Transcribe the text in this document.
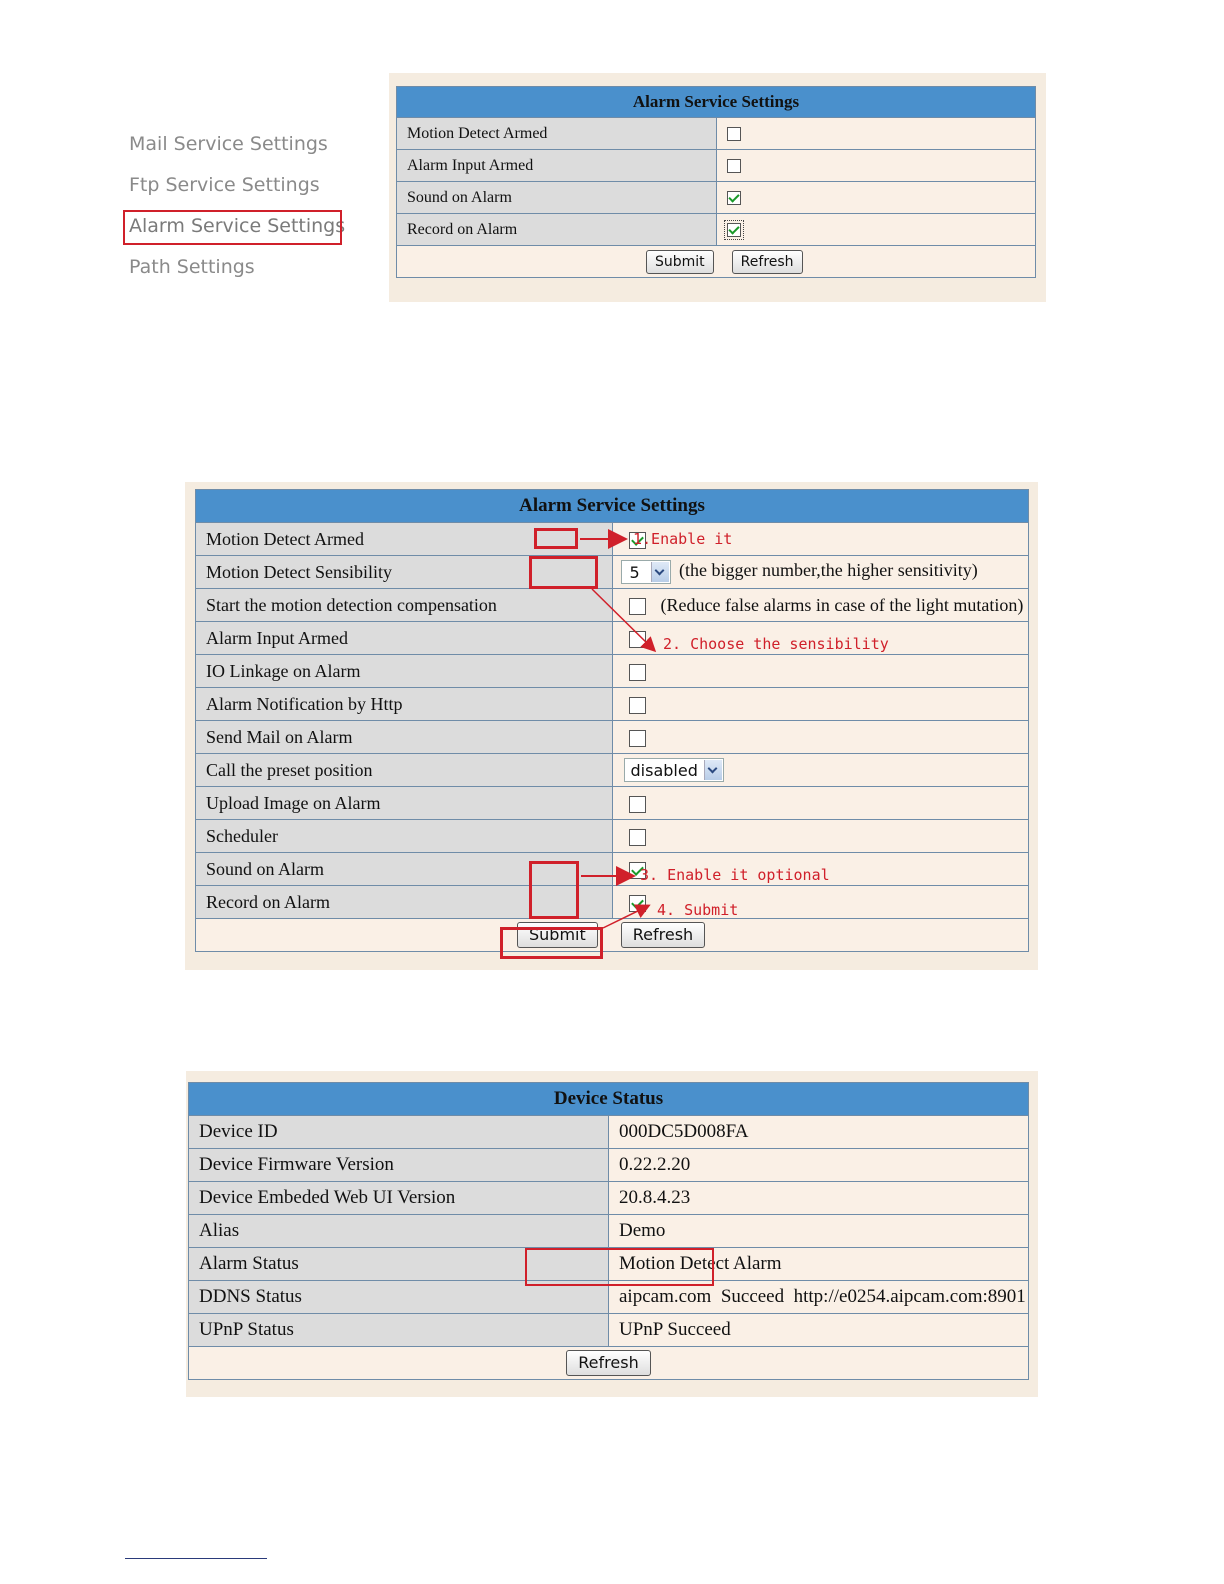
Mail Service Settings
Ftp Service Settings
Alarm Service Settings
Path Settings
Alarm Service Settings	
Motion Detect Armed	
Alarm Input Armed	
Sound on Alarm	
Record on Alarm	
Submit Refresh	
Alarm Service Settings	
Motion Detect Armed	
Motion Detect Sensibility	5 (the bigger number,the higher sensitivity)
Start the motion detection compensation	(Reduce false alarms in case of the light mutation)
Alarm Input Armed	
IO Linkage on Alarm	
Alarm Notification by Http	
Send Mail on Alarm	
Call the preset position	disabled

Upload Image on Alarm	
Scheduler	
Sound on Alarm	
Record on Alarm	
Submit Refresh	
1.Enable it
2. Choose the sensibility
3. Enable it optional
4. Submit
Device Status	
Device ID	000DC5D008FA
Device Firmware Version	0.22.2.20
Device Embeded Web UI Version	20.8.4.23
Alias	Demo
Alarm Status	Motion Detect Alarm
DDNS Status	aipcam.com  Succeed  http://e0254.aipcam.com:8901
UPnP Status	UPnP Succeed
Refresh	
